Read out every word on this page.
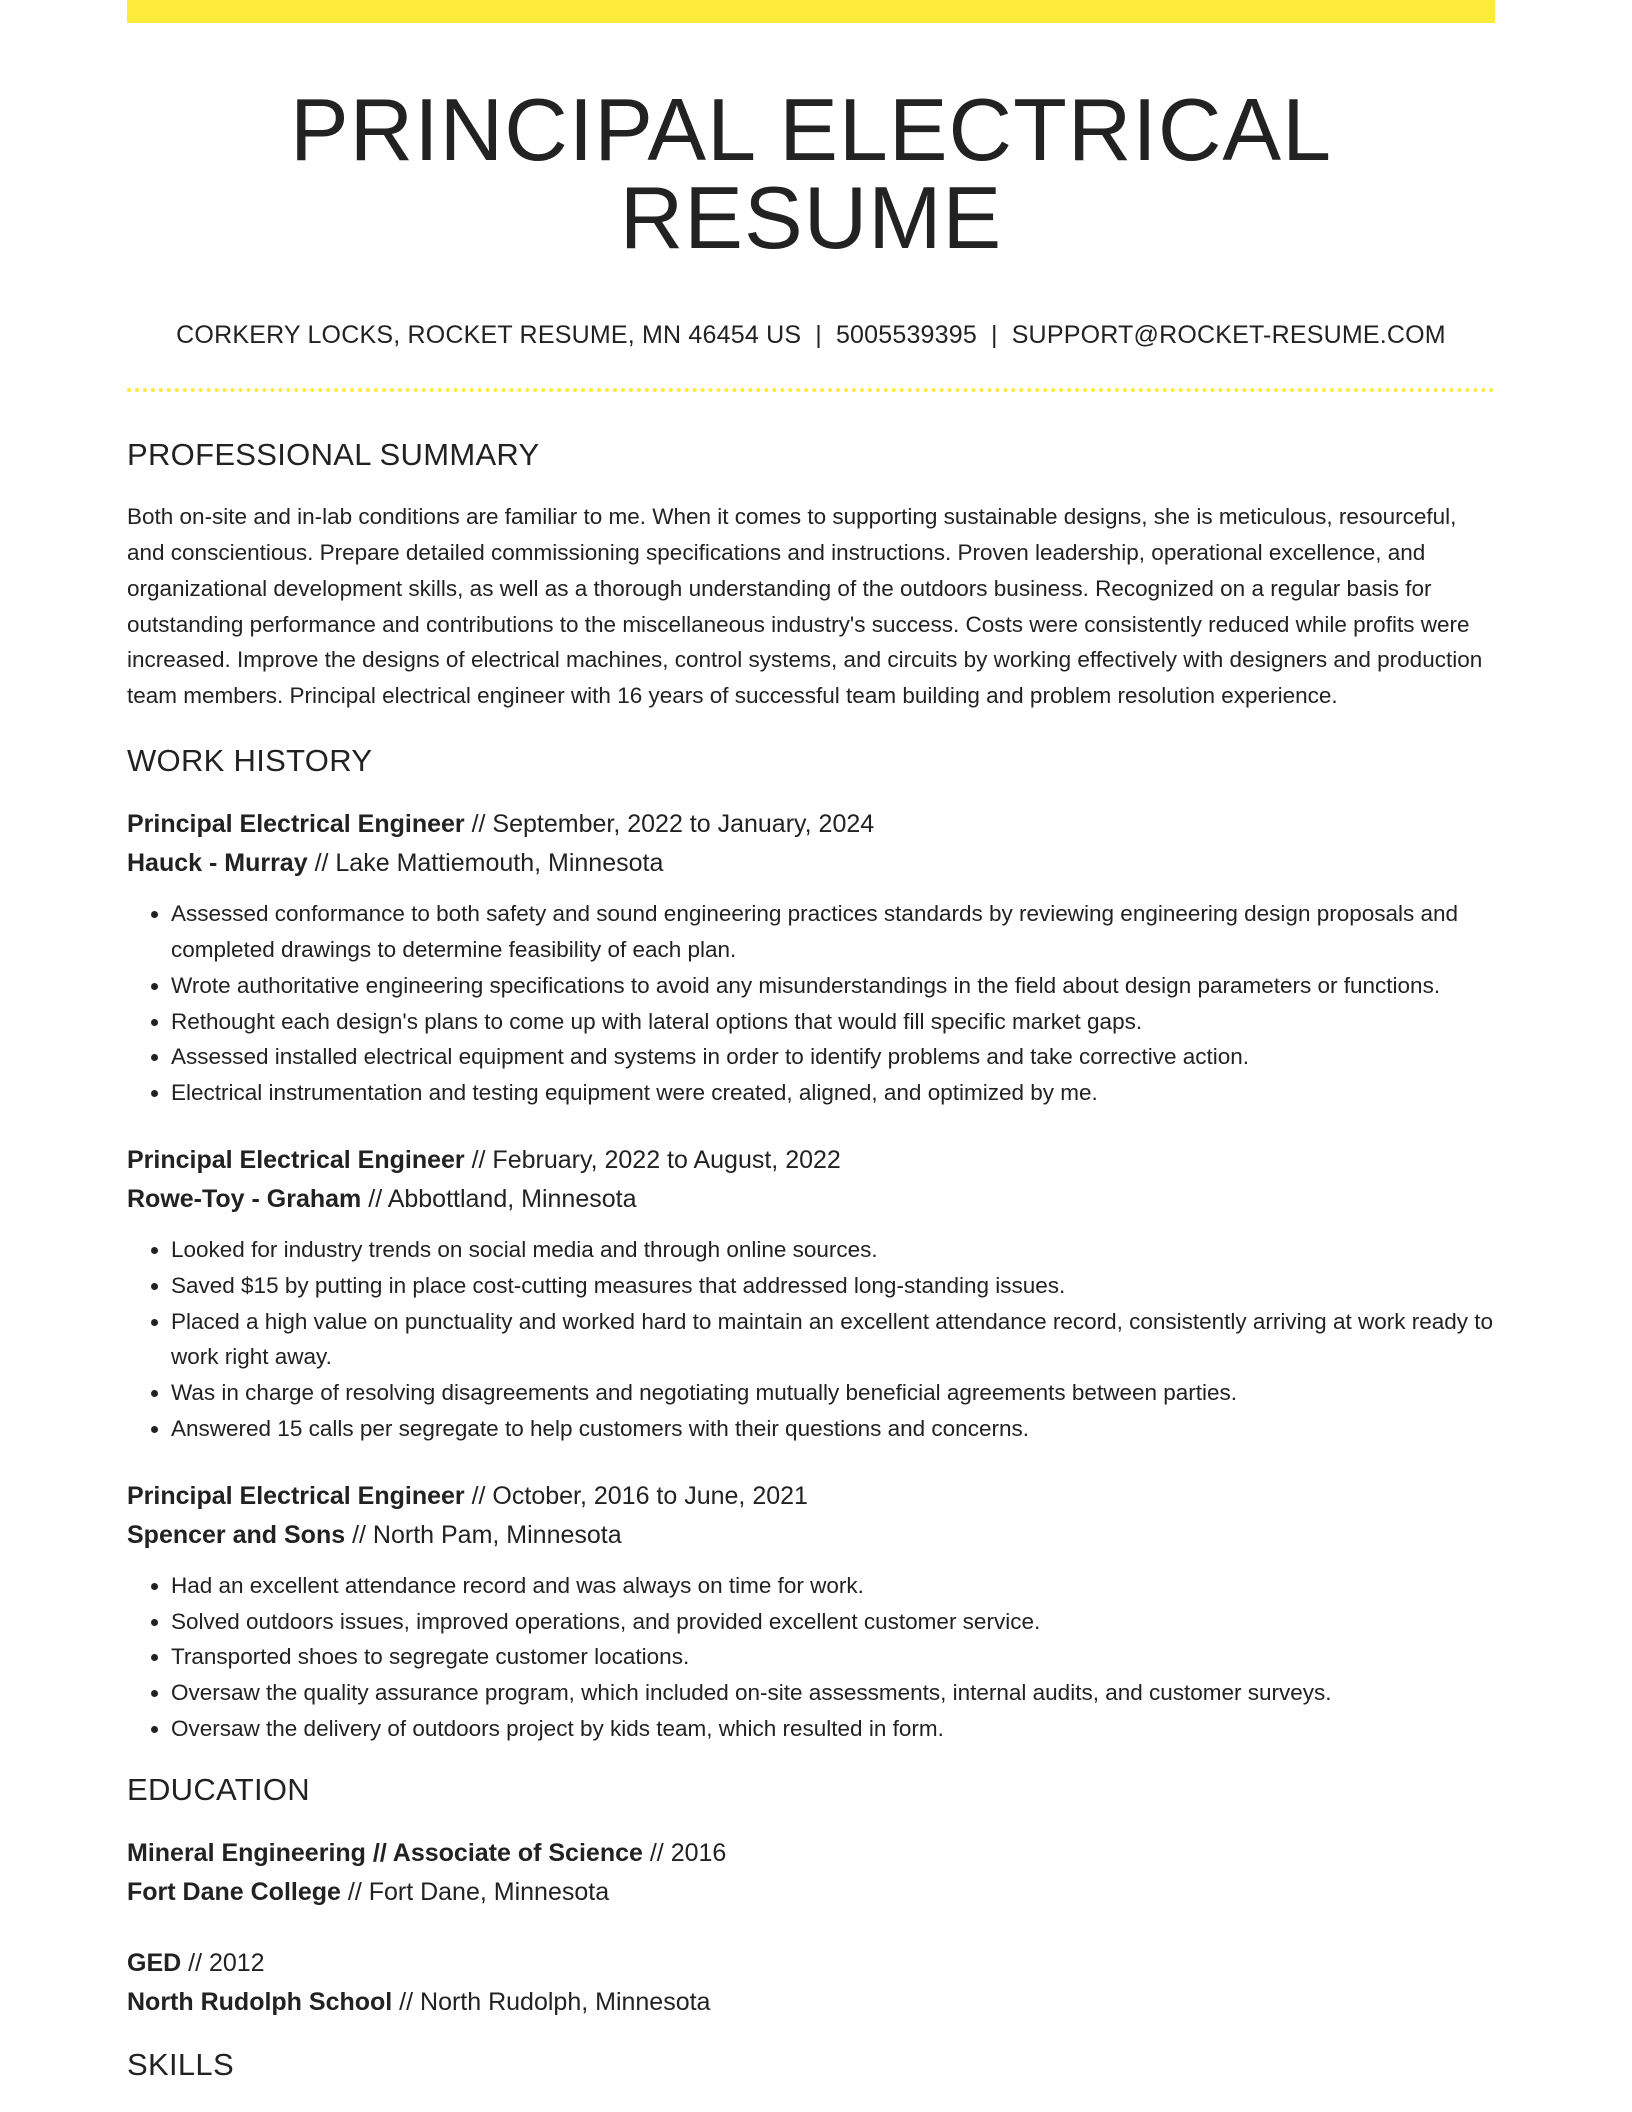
PRINCIPAL ELECTRICAL RESUME
CORKERY LOCKS, ROCKET RESUME, MN 46454 US | 5005539395 | SUPPORT@ROCKET-RESUME.COM
PROFESSIONAL SUMMARY

Both on-site and in-lab conditions are familiar to me. When it comes to supporting sustainable designs, she is meticulous, resourceful, and conscientious. Prepare detailed commissioning specifications and instructions. Proven leadership, operational excellence, and organizational development skills, as well as a thorough understanding of the outdoors business. Recognized on a regular basis for outstanding performance and contributions to the miscellaneous industry's success. Costs were consistently reduced while profits were increased. Improve the designs of electrical machines, control systems, and circuits by working effectively with designers and production team members. Principal electrical engineer with 16 years of successful team building and problem resolution experience.

WORK HISTORY
Principal Electrical Engineer // September, 2022 to January, 2024
Hauck - Murray // Lake Mattiemouth, Minnesota
• Assessed conformance to both safety and sound engineering practices standards by reviewing engineering design proposals and completed drawings to determine feasibility of each plan.
• Wrote authoritative engineering specifications to avoid any misunderstandings in the field about design parameters or functions.
• Rethought each design's plans to come up with lateral options that would fill specific market gaps.
• Assessed installed electrical equipment and systems in order to identify problems and take corrective action.
• Electrical instrumentation and testing equipment were created, aligned, and optimized by me.
Principal Electrical Engineer // February, 2022 to August, 2022
Rowe-Toy - Graham // Abbottland, Minnesota
• Looked for industry trends on social media and through online sources.
• Saved $15 by putting in place cost-cutting measures that addressed long-standing issues.
• Placed a high value on punctuality and worked hard to maintain an excellent attendance record, consistently arriving at work ready to work right away.
• Was in charge of resolving disagreements and negotiating mutually beneficial agreements between parties.
• Answered 15 calls per segregate to help customers with their questions and concerns.
Principal Electrical Engineer // October, 2016 to June, 2021
Spencer and Sons // North Pam, Minnesota
• Had an excellent attendance record and was always on time for work.
• Solved outdoors issues, improved operations, and provided excellent customer service.
• Transported shoes to segregate customer locations.
• Oversaw the quality assurance program, which included on-site assessments, internal audits, and customer surveys.
• Oversaw the delivery of outdoors project by kids team, which resulted in form.
EDUCATION
Mineral Engineering // Associate of Science // 2016
Fort Dane College // Fort Dane, Minnesota
GED // 2012
North Rudolph School // North Rudolph, Minnesota
SKILLS
